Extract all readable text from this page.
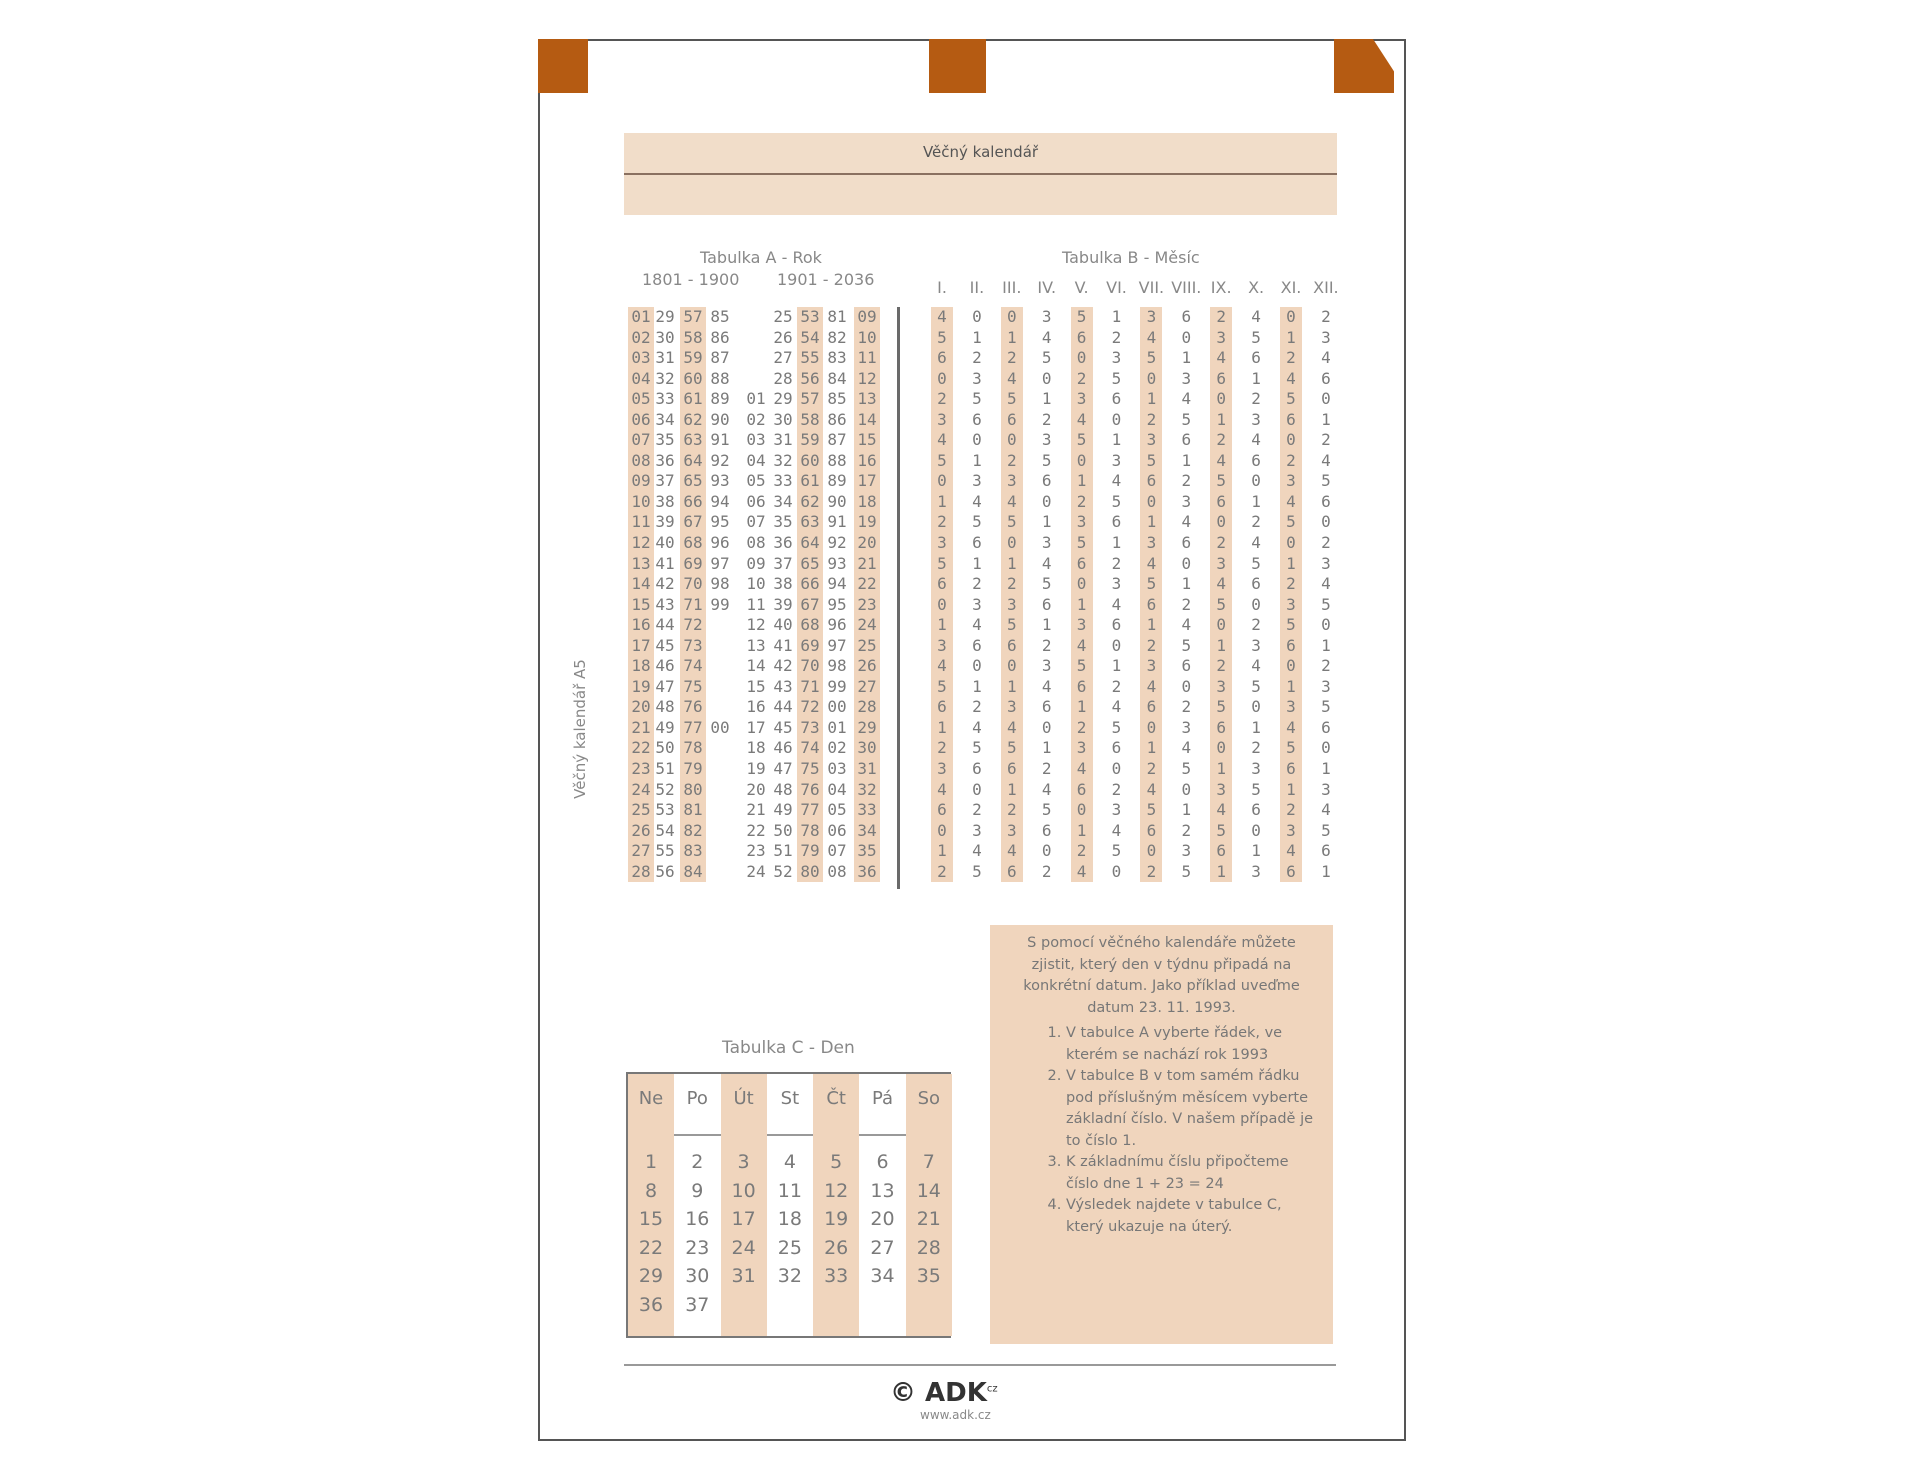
Věčný kalendář A5
Věčný kalendář
Tabulka A - Rok
1801 - 1900 1901 - 2036
01
02
03
04
05
06
07
08
09
10
11
12
13
14
15
16
17
18
19
20
21
22
23
24
25
26
27
28
29
30
31
32
33
34
35
36
37
38
39
40
41
42
43
44
45
46
47
48
49
50
51
52
53
54
55
56
57
58
59
60
61
62
63
64
65
66
67
68
69
70
71
72
73
74
75
76
77
78
79
80
81
82
83
84
85
86
87
88
89
90
91
92
93
94
95
96
97
98
99
00
01
02
03
04
05
06
07
08
09
10
11
12
13
14
15
16
17
18
19
20
21
22
23
24
25
26
27
28
29
30
31
32
33
34
35
36
37
38
39
40
41
42
43
44
45
46
47
48
49
50
51
52
53
54
55
56
57
58
59
60
61
62
63
64
65
66
67
68
69
70
71
72
73
74
75
76
77
78
79
80
81
82
83
84
85
86
87
88
89
90
91
92
93
94
95
96
97
98
99
00
01
02
03
04
05
06
07
08
09
10
11
12
13
14
15
16
17
18
19
20
21
22
23
24
25
26
27
28
29
30
31
32
33
34
35
36
Tabulka B - Měsíc
I. II. III. IV. V. VI. VII. VIII. IX. X. XI. XII.
4
5
6
0
2
3
4
5
0
1
2
3
5
6
0
1
3
4
5
6
1
2
3
4
6
0
1
2
0
1
2
3
5
6
0
1
3
4
5
6
1
2
3
4
6
0
1
2
4
5
6
0
2
3
4
5
0
1
2
4
5
6
0
2
3
4
5
0
1
2
3
5
6
0
1
3
4
5
6
1
2
3
4
6
3
4
5
0
1
2
3
5
6
0
1
3
4
5
6
1
2
3
4
6
0
1
2
4
5
6
0
2
5
6
0
2
3
4
5
0
1
2
3
5
6
0
1
3
4
5
6
1
2
3
4
6
0
1
2
4
1
2
3
5
6
0
1
3
4
5
6
1
2
3
4
6
0
1
2
4
5
6
0
2
3
4
5
0
3
4
5
0
1
2
3
5
6
0
1
3
4
5
6
1
2
3
4
6
0
1
2
4
5
6
0
2
6
0
1
3
4
5
6
1
2
3
4
6
0
1
2
4
5
6
0
2
3
4
5
0
1
2
3
5
2
3
4
6
0
1
2
4
5
6
0
2
3
4
5
0
1
2
3
5
6
0
1
3
4
5
6
1
4
5
6
1
2
3
4
6
0
1
2
4
5
6
0
2
3
4
5
0
1
2
3
5
6
0
1
3
0
1
2
4
5
6
0
2
3
4
5
0
1
2
3
5
6
0
1
3
4
5
6
1
2
3
4
6
2
3
4
6
0
1
2
4
5
6
0
2
3
4
5
0
1
2
3
5
6
0
1
3
4
5
6
1
Tabulka C - Den
Ne
1
8
15
22
29
36
Po
2
9
16
23
30
37
Út
3
10
17
24
31
St
4
11
18
25
32
Čt
5
12
19
26
33
Pá
6
13
20
27
34
So
7
14
21
28
35
S pomocí věčného kalendáře můžete zjistit, který den v týdnu připadá na konkrétní datum. Jako příklad uveďme datum 23. 11. 1993.
1. V tabulce A vyberte řádek, ve kterém se nachází rok 1993
2. V tabulce B v tom samém řádku pod příslušným měsícem vyberte základní číslo. V našem případě je to číslo 1.
3. K základnímu číslu připočteme číslo dne 1 + 23 = 24
4. Výsledek najdete v tabulce C, který ukazuje na úterý.
© $ADK^{cz}$
www.adk.cz
